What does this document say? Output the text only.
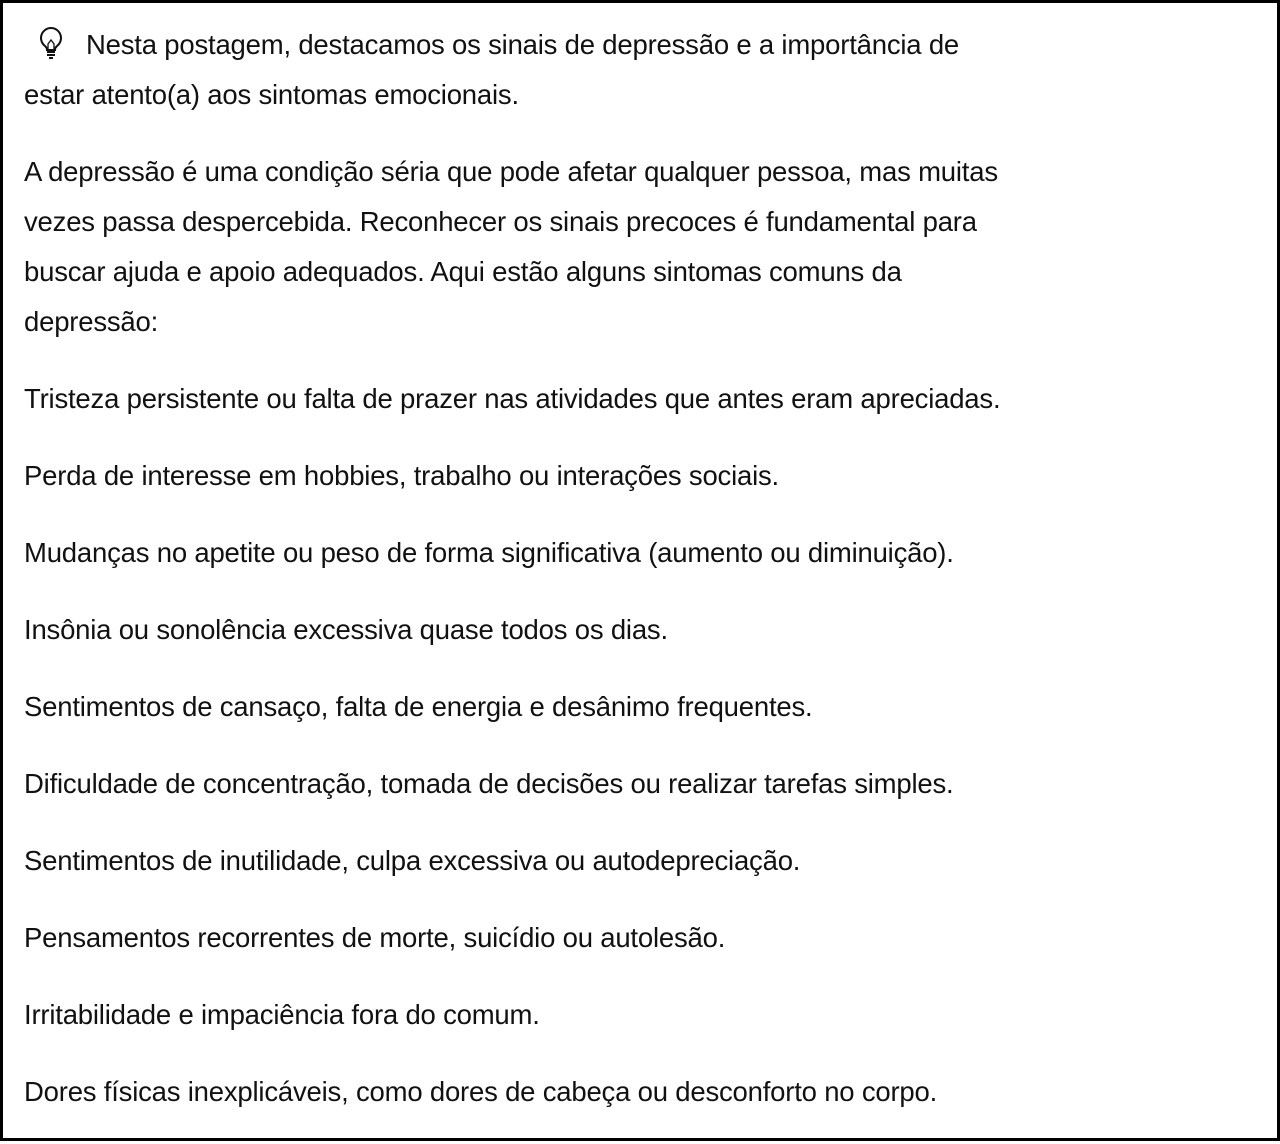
Nesta postagem, destacamos os sinais de depressão e a importância de
estar atento(a) aos sintomas emocionais.
A depressão é uma condição séria que pode afetar qualquer pessoa, mas muitas
vezes passa despercebida. Reconhecer os sinais precoces é fundamental para
buscar ajuda e apoio adequados. Aqui estão alguns sintomas comuns da
depressão:
Tristeza persistente ou falta de prazer nas atividades que antes eram apreciadas.
Perda de interesse em hobbies, trabalho ou interações sociais.
Mudanças no apetite ou peso de forma significativa (aumento ou diminuição).
Insônia ou sonolência excessiva quase todos os dias.
Sentimentos de cansaço, falta de energia e desânimo frequentes.
Dificuldade de concentração, tomada de decisões ou realizar tarefas simples.
Sentimentos de inutilidade, culpa excessiva ou autodepreciação.
Pensamentos recorrentes de morte, suicídio ou autolesão.
Irritabilidade e impaciência fora do comum.
Dores físicas inexplicáveis, como dores de cabeça ou desconforto no corpo.
